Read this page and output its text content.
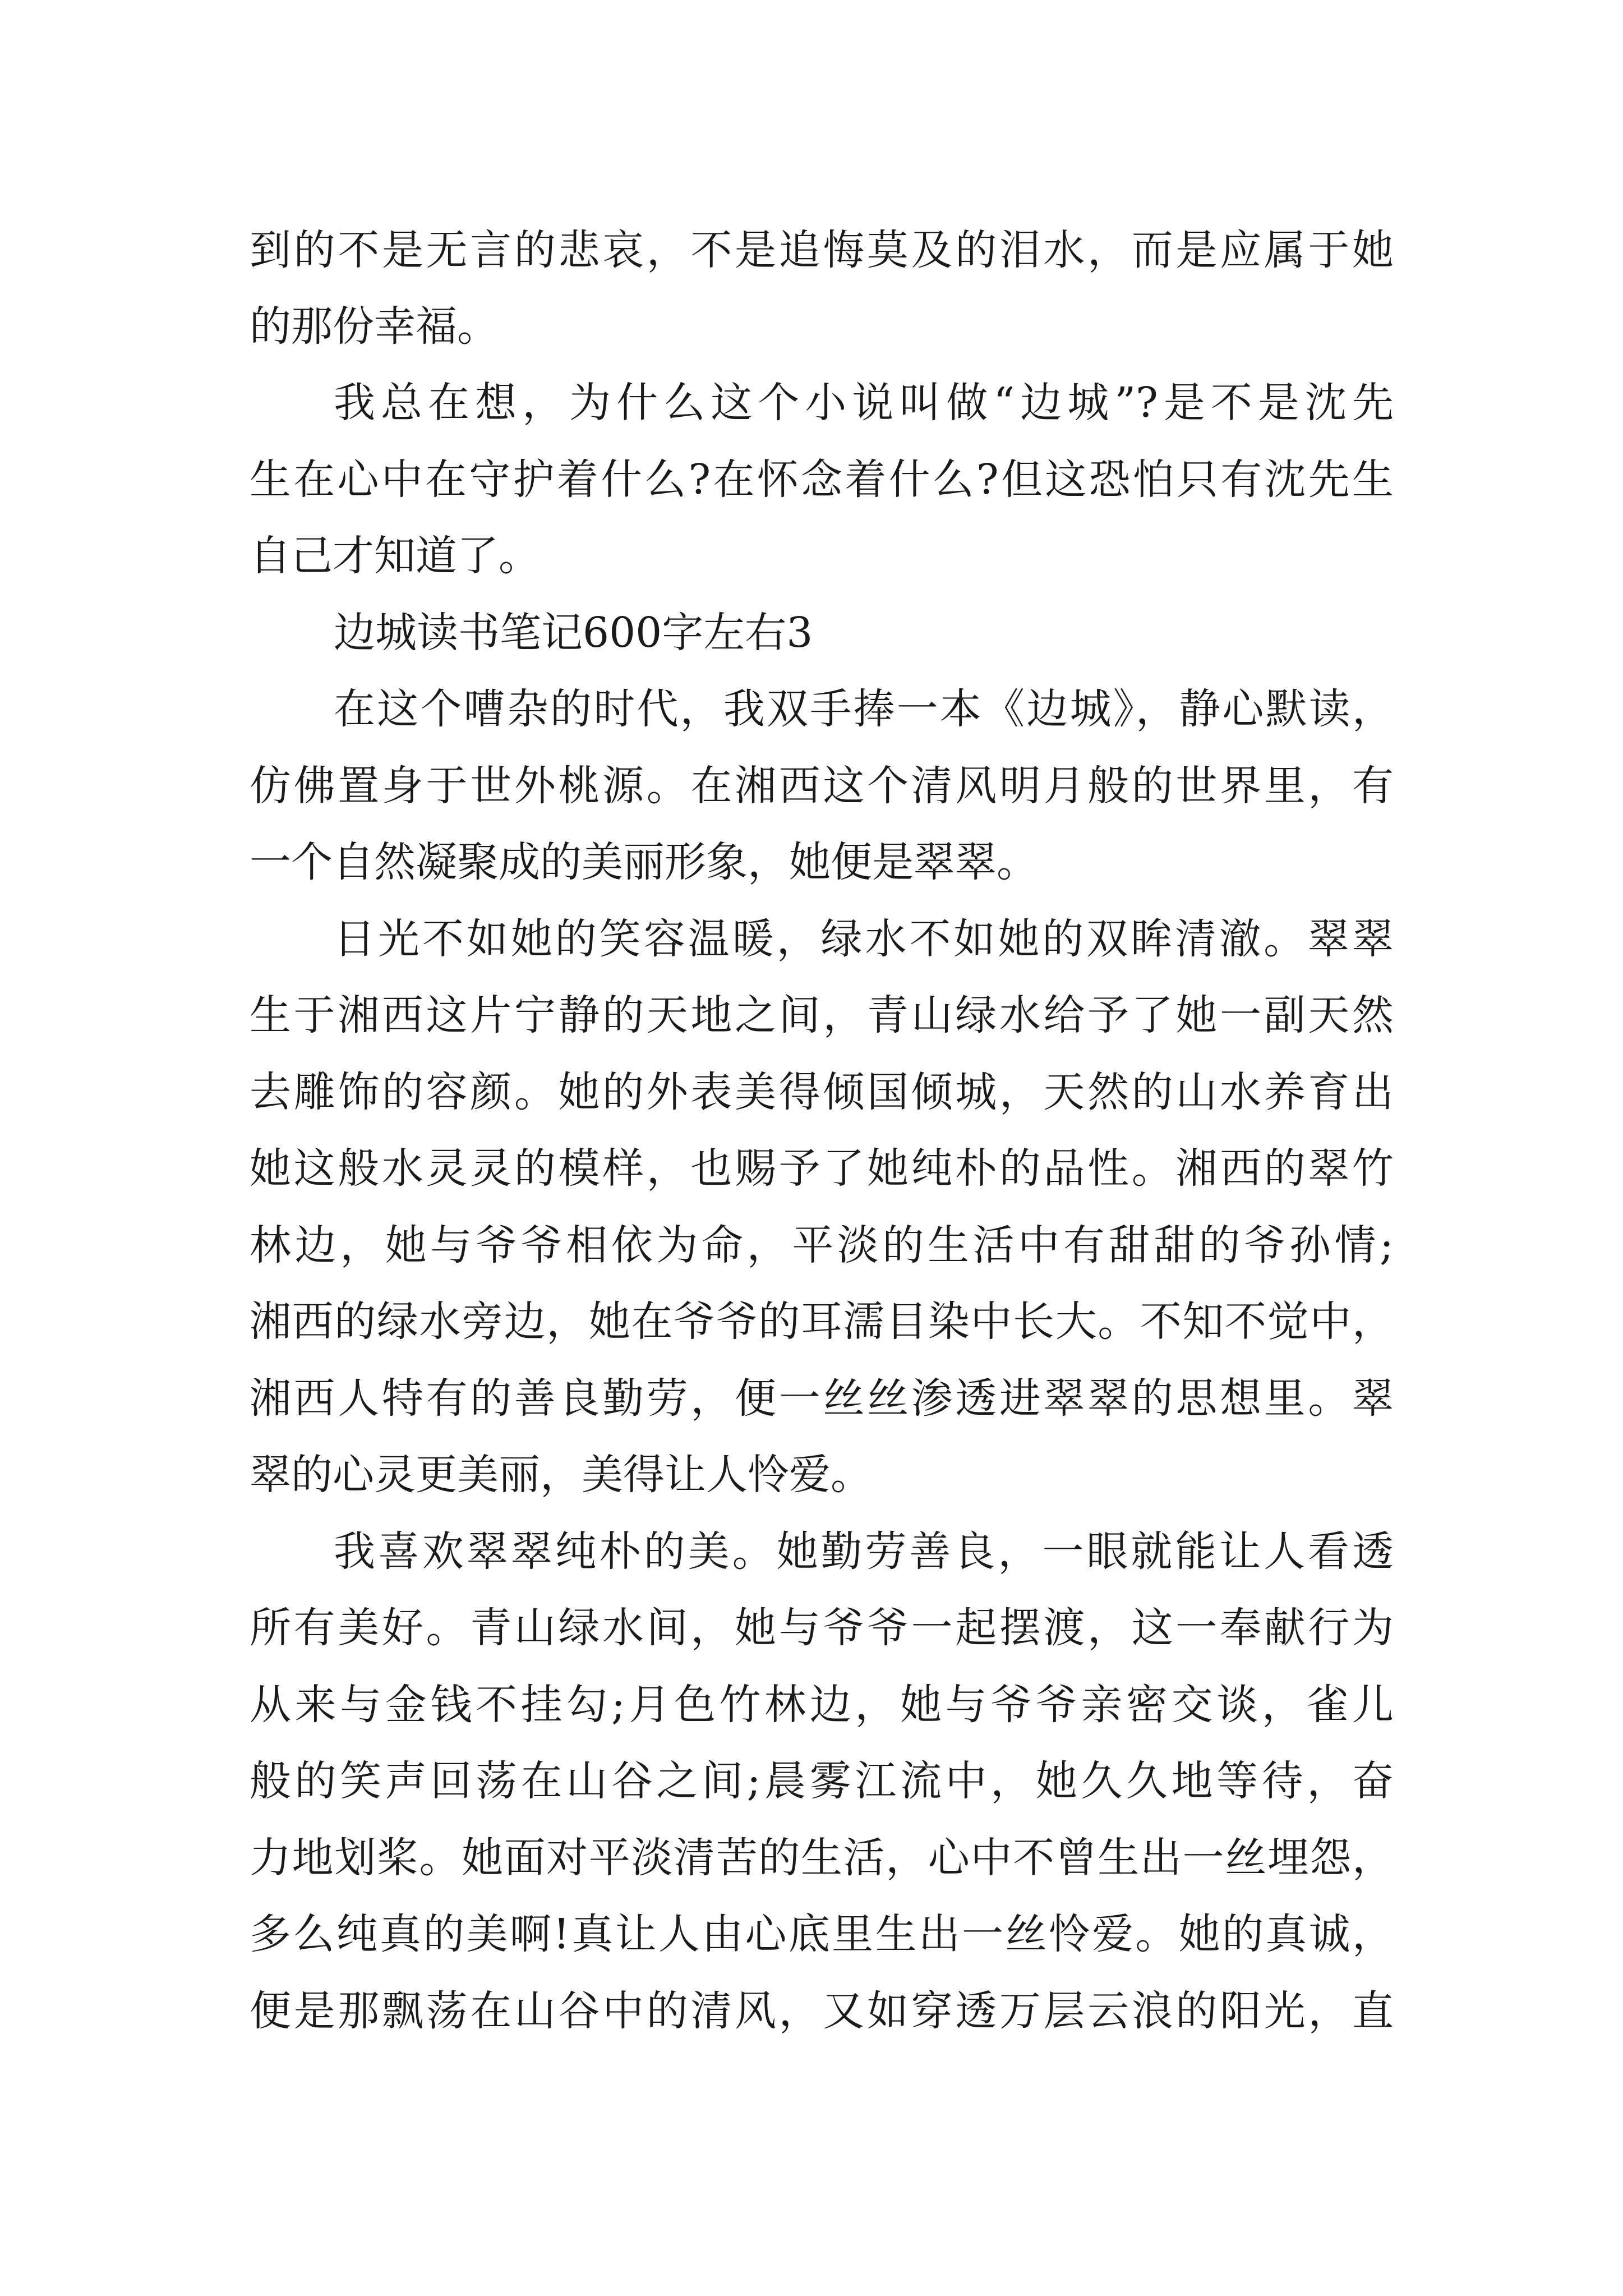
到的不是无言的悲哀，不是追悔莫及的泪水，而是应属于她
的那份幸福。
我总在想，为什么这个小说叫做“边城”?是不是沈先
生在心中在守护着什么?在怀念着什么?但这恐怕只有沈先生
自己才知道了。
边城读书笔记600字左右3
在这个嘈杂的时代，我双手捧一本《边城》，静心默读，
仿佛置身于世外桃源。在湘西这个清风明月般的世界里，有
一个自然凝聚成的美丽形象，她便是翠翠。
日光不如她的笑容温暖，绿水不如她的双眸清澈。翠翠
生于湘西这片宁静的天地之间，青山绿水给予了她一副天然
去雕饰的容颜。她的外表美得倾国倾城，天然的山水养育出
她这般水灵灵的模样，也赐予了她纯朴的品性。湘西的翠竹
林边，她与爷爷相依为命，平淡的生活中有甜甜的爷孙情;
湘西的绿水旁边，她在爷爷的耳濡目染中长大。不知不觉中，
湘西人特有的善良勤劳，便一丝丝渗透进翠翠的思想里。翠
翠的心灵更美丽，美得让人怜爱。
我喜欢翠翠纯朴的美。她勤劳善良，一眼就能让人看透
所有美好。青山绿水间，她与爷爷一起摆渡，这一奉献行为
从来与金钱不挂勾;月色竹林边，她与爷爷亲密交谈，雀儿
般的笑声回荡在山谷之间;晨雾江流中，她久久地等待，奋
力地划桨。她面对平淡清苦的生活，心中不曾生出一丝埋怨，
多么纯真的美啊!真让人由心底里生出一丝怜爱。她的真诚，
便是那飘荡在山谷中的清风，又如穿透万层云浪的阳光，直
